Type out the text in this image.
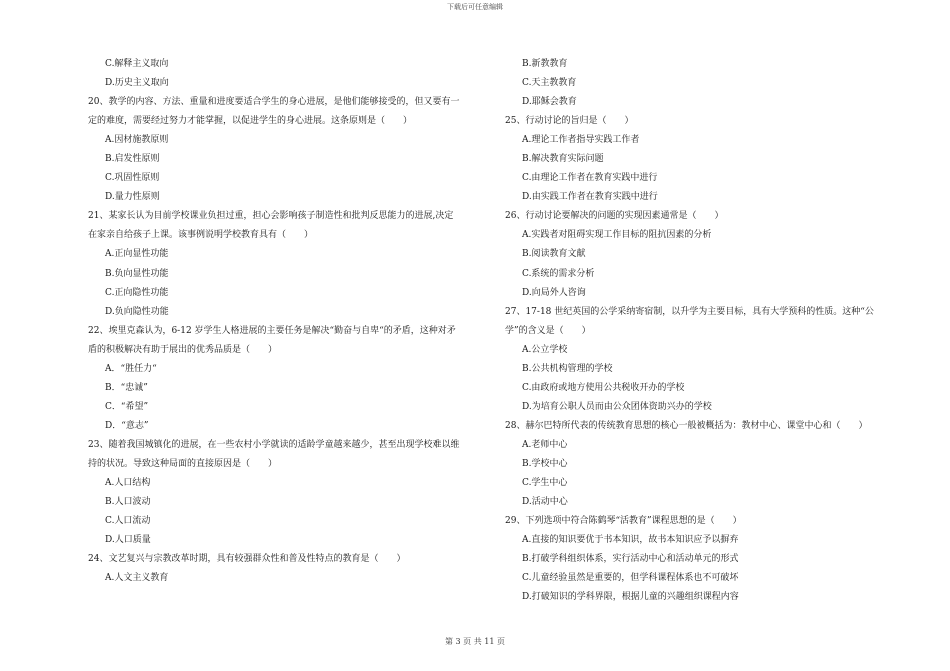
下载后可任意编辑
C.解释主义取向
D.历史主义取向
20、教学的内容、方法、重量和进度要适合学生的身心进展，是他们能够接受的，但又要有一
定的难度，需要经过努力才能掌握，以促进学生的身心进展。这条原则是（　　）
A.因材施教原则
B.启发性原则
C.巩固性原则
D.量力性原则
21、某家长认为目前学校课业负担过重，担心会影响孩子制造性和批判反思能力的进展,决定
在家亲自给孩子上课。该事例说明学校教育具有（　　）
A.正向显性功能
B.负向显性功能
C.正向隐性功能
D.负向隐性功能
22、埃里克森认为，6-12 岁学生人格进展的主要任务是解决“勤奋与自卑“的矛盾，这种对矛
盾的积极解决有助于展出的优秀品质是（　　）
A．“胜任力“
B．“忠诚”
C．“希望”
D．“意志”
23、随着我国城镇化的进展，在一些农村小学就读的适龄学童越来越少，甚至出现学校难以维
持的状况。导致这种局面的直接原因是（　　）
A.人口结构
B.人口波动
C.人口流动
D.人口质量
24、文艺复兴与宗教改革时期，具有较强群众性和普及性特点的教育是（　　）
A.人文主义教育
B.新教教育
C.天主教教育
D.耶稣会教育
25、行动讨论的旨归是（　　）
A.理论工作者指导实践工作者
B.解决教育实际问题
C.由理论工作者在教育实践中进行
D.由实践工作者在教育实践中进行
26、行动讨论要解决的问题的实现因素通常是（　　）
A.实践者对阻碍实现工作目标的阻抗因素的分析
B.阅读教育文献
C.系统的需求分析
D.向局外人咨询
27、17-18 世纪英国的公学采纳寄宿制，以升学为主要目标，具有大学预科的性质。这种“公
学”的含义是（　　）
A.公立学校
B.公共机构管理的学校
C.由政府或地方使用公共税收开办的学校
D.为培育公职人员而由公众团体资助兴办的学校
28、赫尔巴特所代表的传统教育思想的核心一般被概括为：教材中心、课堂中心和（　　）
A.老师中心
B.学校中心
C.学生中心
D.活动中心
29、下列选项中符合陈鹤琴“活教育”课程思想的是（　　）
A.直接的知识要优于书本知识，故书本知识应予以摒弃
B.打破学科组织体系，实行活动中心和活动单元的形式
C.儿童经验虽然是重要的，但学科课程体系也不可破坏
D.打破知识的学科界限，根据儿童的兴趣组织课程内容
第 3 页 共 11 页
